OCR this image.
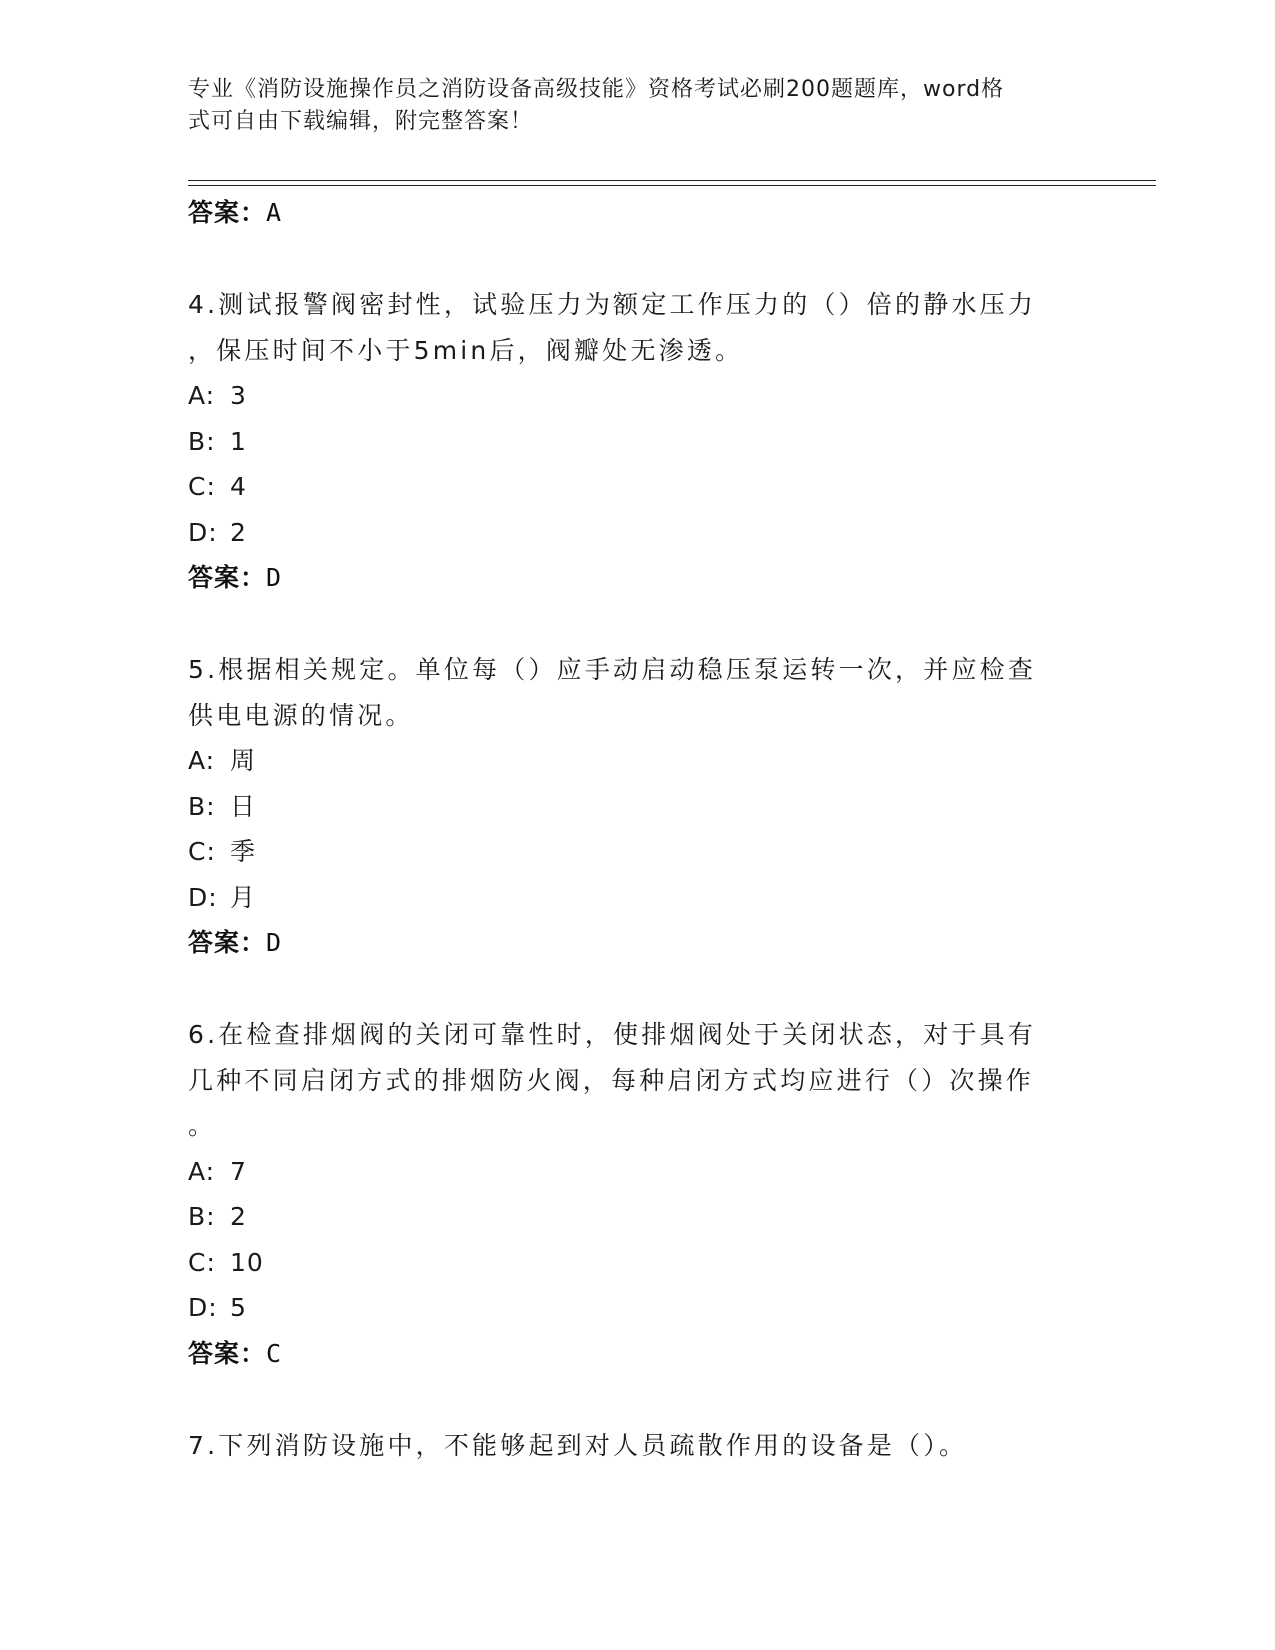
专业《消防设施操作员之消防设备高级技能》资格考试必刷200题题库，word格
式可自由下载编辑，附完整答案！
答案：A
4.测试报警阀密封性，试验压力为额定工作压力的（）倍的静水压力
，保压时间不小于5min后，阀瓣处无渗透。
A: 3
B: 1
C: 4
D: 2
答案：D
5.根据相关规定。单位每（）应手动启动稳压泵运转一次，并应检查
供电电源的情况。
A: 周
B: 日
C: 季
D: 月
答案：D
6.在检查排烟阀的关闭可靠性时，使排烟阀处于关闭状态，对于具有
几种不同启闭方式的排烟防火阀，每种启闭方式均应进行（）次操作
。
A: 7
B: 2
C: 10
D: 5
答案：C
7.下列消防设施中，不能够起到对人员疏散作用的设备是（）。
